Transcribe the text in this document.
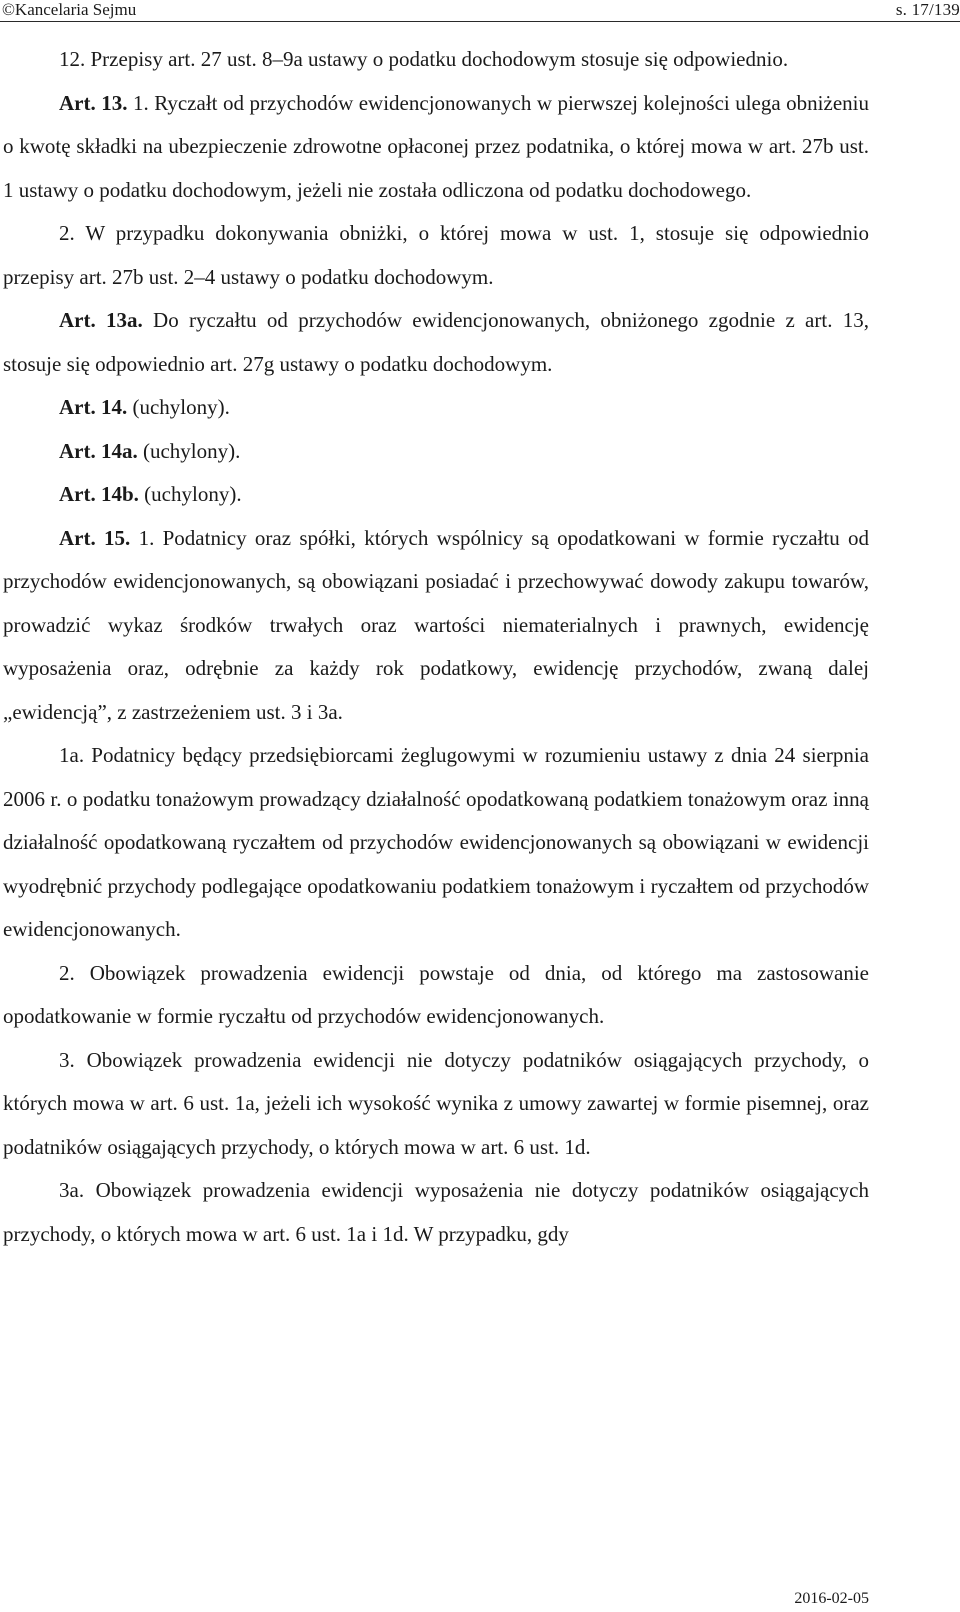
©Kancelaria Sejmu	s. 17/139

12. Przepisy art. 27 ust. 8–9a ustawy o podatku dochodowym stosuje się odpowiednio.

Art. 13. 1. Ryczałt od przychodów ewidencjonowanych w pierwszej kolejności ulega obniżeniu o kwotę składki na ubezpieczenie zdrowotne opłaconej przez podatnika, o której mowa w art. 27b ust. 1 ustawy o podatku dochodowym, jeżeli nie została odliczona od podatku dochodowego.

2. W przypadku dokonywania obniżki, o której mowa w ust. 1, stosuje się odpowiednio przepisy art. 27b ust. 2–4 ustawy o podatku dochodowym.

Art. 13a. Do ryczałtu od przychodów ewidencjonowanych, obniżonego zgodnie z art. 13, stosuje się odpowiednio art. 27g ustawy o podatku dochodowym.

Art. 14. (uchylony).

Art. 14a. (uchylony).

Art. 14b. (uchylony).

Art. 15. 1. Podatnicy oraz spółki, których wspólnicy są opodatkowani w formie ryczałtu od przychodów ewidencjonowanych, są obowiązani posiadać i przechowywać dowody zakupu towarów, prowadzić wykaz środków trwałych oraz wartości niematerialnych i prawnych, ewidencję wyposażenia oraz, odrębnie za każdy rok podatkowy, ewidencję przychodów, zwaną dalej „ewidencją”, z zastrzeżeniem ust. 3 i 3a.

1a. Podatnicy będący przedsiębiorcami żeglugowymi w rozumieniu ustawy z dnia 24 sierpnia 2006 r. o podatku tonażowym prowadzący działalność opodatkowaną podatkiem tonażowym oraz inną działalność opodatkowaną ryczałtem od przychodów ewidencjonowanych są obowiązani w ewidencji wyodrębnić przychody podlegające opodatkowaniu podatkiem tonażowym i ryczałtem od przychodów ewidencjonowanych.

2. Obowiązek prowadzenia ewidencji powstaje od dnia, od którego ma zastosowanie opodatkowanie w formie ryczałtu od przychodów ewidencjonowanych.

3. Obowiązek prowadzenia ewidencji nie dotyczy podatników osiągających przychody, o których mowa w art. 6 ust. 1a, jeżeli ich wysokość wynika z umowy zawartej w formie pisemnej, oraz podatników osiągających przychody, o których mowa w art. 6 ust. 1d.

3a. Obowiązek prowadzenia ewidencji wyposażenia nie dotyczy podatników osiągających przychody, o których mowa w art. 6 ust. 1a i 1d. W przypadku, gdy

2016-02-05
